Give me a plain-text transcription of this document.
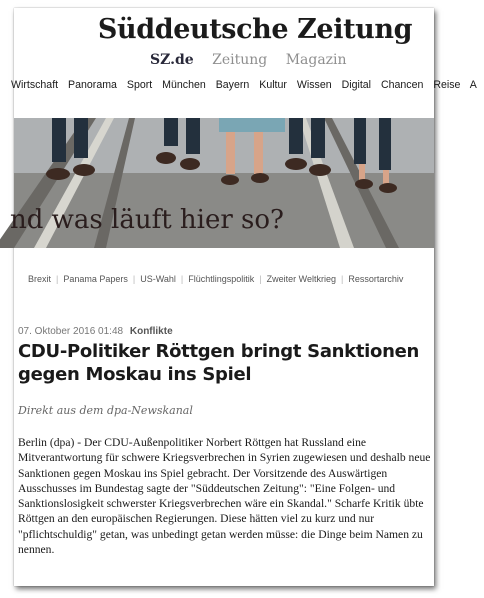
Süddeutsche Zeitung
SZ.de Zeitung Magazin
Wirtschaft Panorama Sport München Bayern Kultur Wissen Digital Chancen Reise A
nd was läuft hier so?
Brexit | Panama Papers | US-Wahl | Flüchtlingspolitik | Zweiter Weltkrieg | Ressortarchiv
07. Oktober 2016 01:48 Konflikte
CDU-Politiker Röttgen bringt Sanktionen gegen Moskau ins Spiel
Direkt aus dem dpa-Newskanal

Berlin (dpa) - Der CDU-Außenpolitiker Norbert Röttgen hat Russland eine Mitverantwortung für schwere Kriegsverbrechen in Syrien zugewiesen und deshalb neue Sanktionen gegen Moskau ins Spiel gebracht. Der Vorsitzende des Auswärtigen Ausschusses im Bundestag sagte der "Süddeutschen Zeitung": "Eine Folgen- und Sanktionslosigkeit schwerster Kriegsverbrechen wäre ein Skandal." Scharfe Kritik übte Röttgen an den europäischen Regierungen. Diese hätten viel zu kurz und nur "pflichtschuldig" getan, was unbedingt getan werden müsse: die Dinge beim Namen zu nennen.
